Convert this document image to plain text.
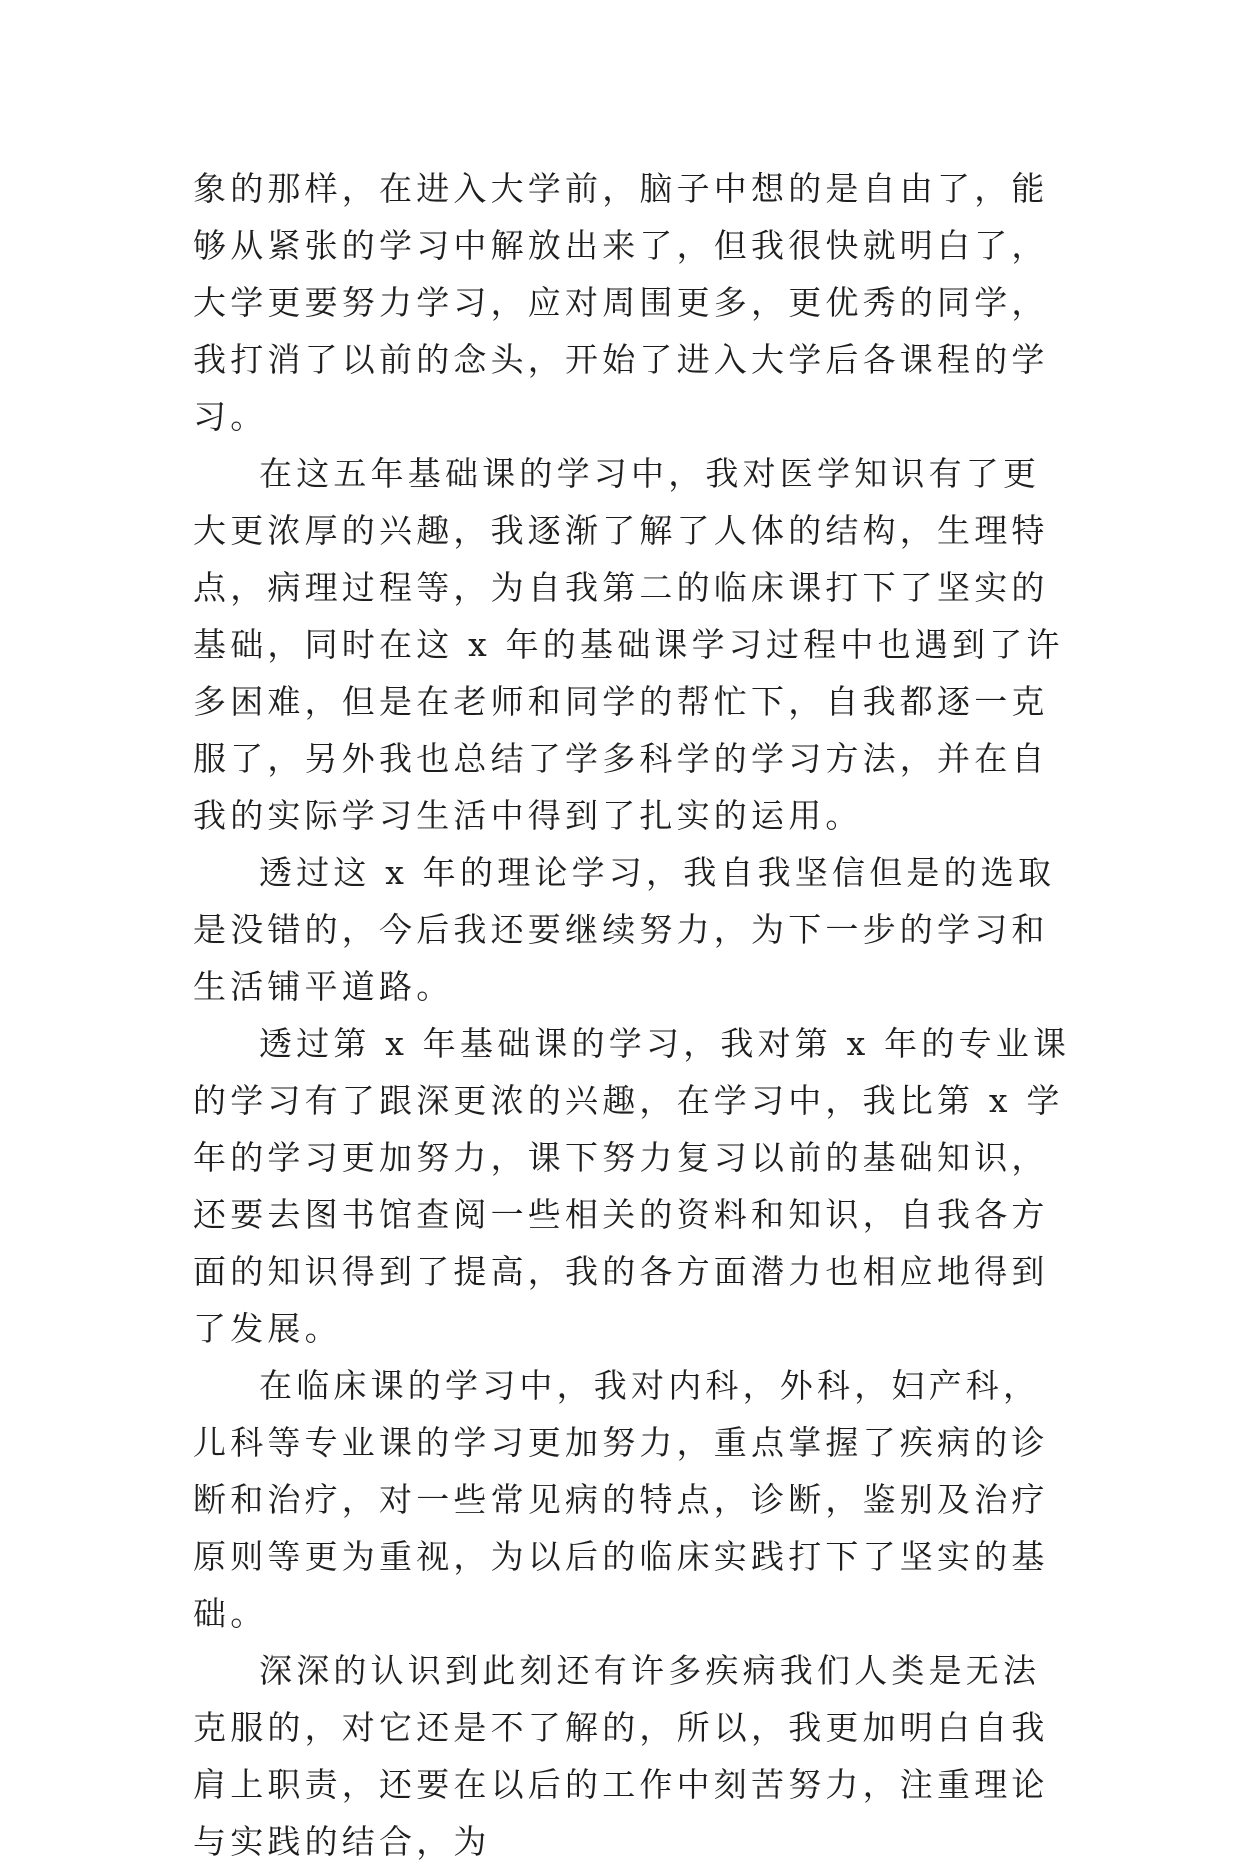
象的那样，在进入大学前，脑子中想的是自由了，能够从紧张的学习中解放出来了，但我很快就明白了，大学更要努力学习，应对周围更多，更优秀的同学，我打消了以前的念头，开始了进入大学后各课程的学习。

在这五年基础课的学习中，我对医学知识有了更大更浓厚的兴趣，我逐渐了解了人体的结构，生理特点，病理过程等，为自我第二的临床课打下了坚实的基础，同时在这 x 年的基础课学习过程中也遇到了许多困难，但是在老师和同学的帮忙下，自我都逐一克服了，另外我也总结了学多科学的学习方法，并在自我的实际学习生活中得到了扎实的运用。

透过这 x 年的理论学习，我自我坚信但是的选取是没错的，今后我还要继续努力，为下一步的学习和生活铺平道路。

透过第 x 年基础课的学习，我对第 x 年的专业课的学习有了跟深更浓的兴趣，在学习中，我比第 x 学年的学习更加努力，课下努力复习以前的基础知识，还要去图书馆查阅一些相关的资料和知识，自我各方面的知识得到了提高，我的各方面潜力也相应地得到了发展。

在临床课的学习中，我对内科，外科，妇产科，儿科等专业课的学习更加努力，重点掌握了疾病的诊断和治疗，对一些常见病的特点，诊断，鉴别及治疗原则等更为重视，为以后的临床实践打下了坚实的基础。

深深的认识到此刻还有许多疾病我们人类是无法克服的，对它还是不了解的，所以，我更加明白自我肩上职责，还要在以后的工作中刻苦努力，注重理论与实践的结合，为
